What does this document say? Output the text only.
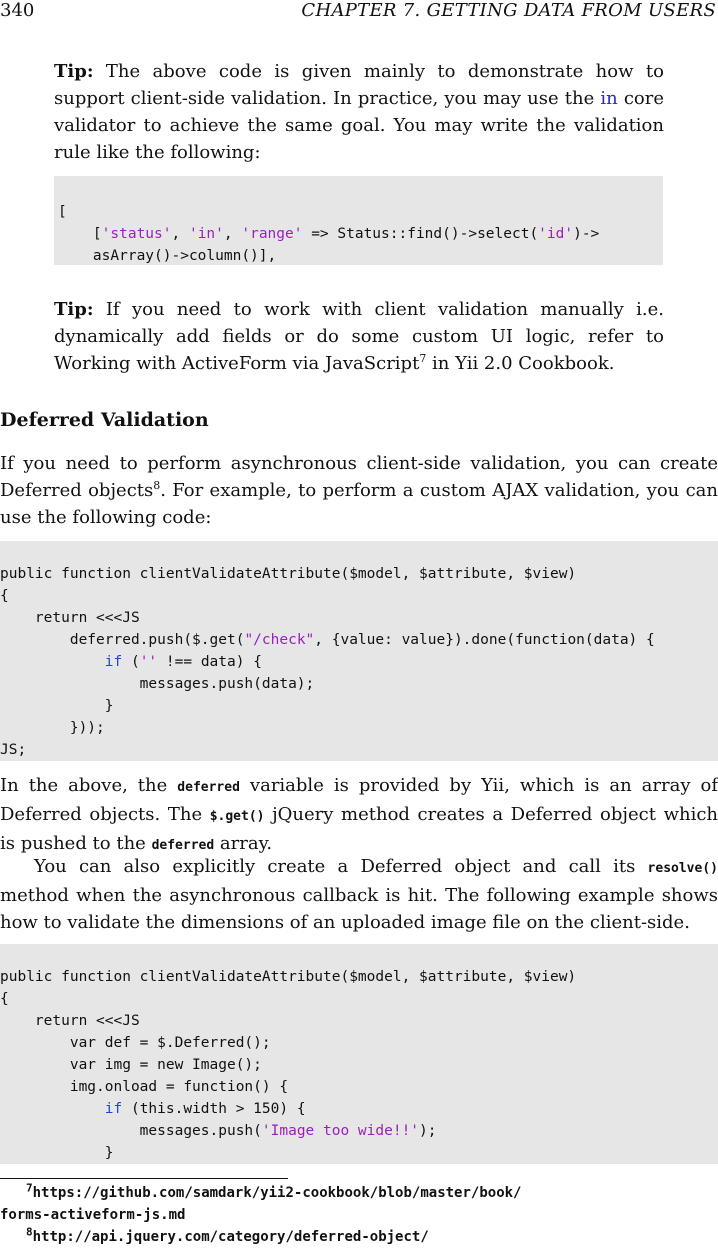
340	CHAPTER 7. GETTING DATA FROM USERS
Tip: The above code is given mainly to demonstrate how to support client-side validation. In practice, you may use the in core validator to achieve the same goal. You may write the validation rule like the following:

[
['status', 'in', 'range' => Status::find()->select('id')->
asArray()->column()],
Tip: If you need to work with client validation manually i.e. dynamically add fields or do some custom UI logic, refer to Working with ActiveForm via JavaScript$^7$ in Yii 2.0 Cookbook.
Deferred Validation

If you need to perform asynchronous client-side validation, you can create Deferred objects$^8$. For example, to perform a custom AJAX validation, you can use the following code:

public function clientValidateAttribute($model, $attribute, $view)
{
return <<<JS
deferred.push($.get("/check", {value: value}).done(function(data) {
if ('' !== data) {
messages.push(data);
}
}));
JS;

In the above, the deferred variable is provided by Yii, which is an array of Deferred objects. The $.get() jQuery method creates a Deferred object which is pushed to the deferred array.

You can also explicitly create a Deferred object and call its resolve() method when the asynchronous callback is hit. The following example shows how to validate the dimensions of an uploaded image file on the client-side.

public function clientValidateAttribute($model, $attribute, $view)
{
return <<<JS
var def = $.Deferred();
var img = new Image();
img.onload = function() {
if (this.width > 150) {
messages.push('Image too wide!!');
}
$^7$https://github.com/samdark/yii2-cookbook/blob/master/book/
forms-activeform-js.md
$^8$http://api.jquery.com/category/deferred-object/
